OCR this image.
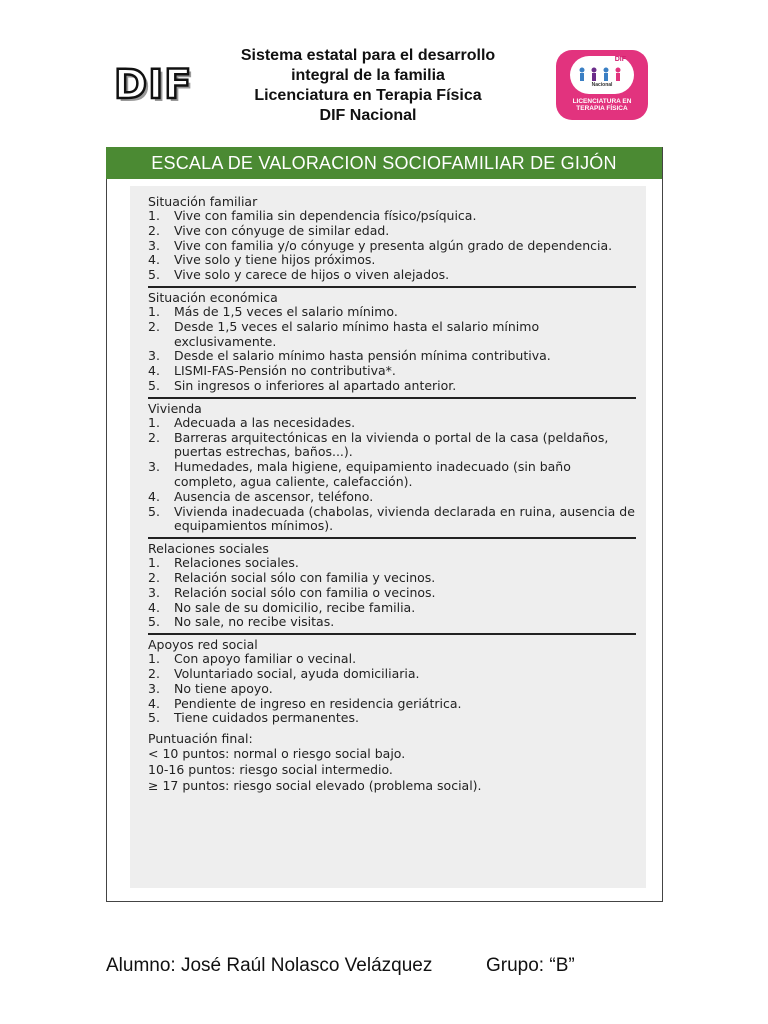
DIF
Sistema estatal para el desarrollo
integral de la familia
Licenciatura en Terapia Física
DIF Nacional
DIF
Nacional
LICENCIATURA EN TERAPIA FÍSICA
ESCALA DE VALORACION SOCIOFAMILIAR DE GIJÓN
Situación familiar
1.	Vive con familia sin dependencia físico/psíquica.
2.	Vive con cónyuge de similar edad.
3.	Vive con familia y/o cónyuge y presenta algún grado de dependencia.
4.	Vive solo y tiene hijos próximos.
5.	Vive solo y carece de hijos o viven alejados.
Situación económica
1.	Más de 1,5 veces el salario mínimo.
2.	Desde 1,5 veces el salario mínimo hasta el salario mínimo exclusivamente.
3.	Desde el salario mínimo hasta pensión mínima contributiva.
4.	LISMI-FAS-Pensión no contributiva*.
5.	Sin ingresos o inferiores al apartado anterior.
Vivienda
1.	Adecuada a las necesidades.
2.	Barreras arquitectónicas en la vivienda o portal de la casa (peldaños, puertas estrechas, baños...).
3.	Humedades, mala higiene, equipamiento inadecuado (sin baño completo, agua caliente, calefacción).
4.	Ausencia de ascensor, teléfono.
5.	Vivienda inadecuada (chabolas, vivienda declarada en ruina, ausencia de equipamientos mínimos).
Relaciones sociales
1.	Relaciones sociales.
2.	Relación social sólo con familia y vecinos.
3.	Relación social sólo con familia o vecinos.
4.	No sale de su domicilio, recibe familia.
5.	No sale, no recibe visitas.
Apoyos red social
1.	Con apoyo familiar o vecinal.
2.	Voluntariado social, ayuda domiciliaria.
3.	No tiene apoyo.
4.	Pendiente de ingreso en residencia geriátrica.
5.	Tiene cuidados permanentes.
Puntuación final:
< 10 puntos: normal o riesgo social bajo.
10-16 puntos: riesgo social intermedio.
≥ 17 puntos: riesgo social elevado (problema social).
Alumno: José Raúl Nolasco Velázquez	Grupo: “B”
